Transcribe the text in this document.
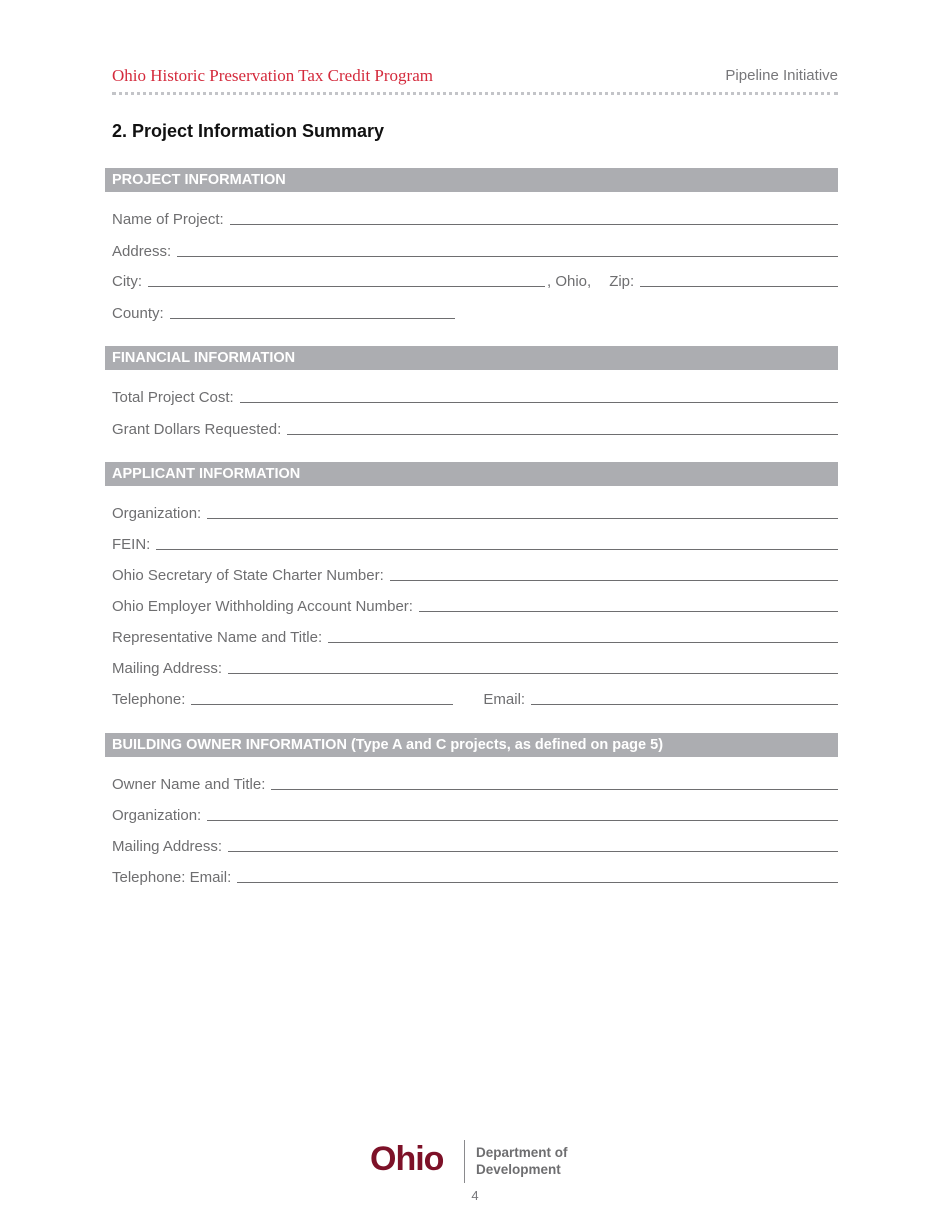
Ohio Historic Preservation Tax Credit Program	Pipeline Initiative
2. Project Information Summary
PROJECT INFORMATION
Name of Project:
Address:
City:	, Ohio, Zip:
County:
FINANCIAL INFORMATION
Total Project Cost:
Grant Dollars Requested:
APPLICANT INFORMATION
Organization:
FEIN:
Ohio Secretary of State Charter Number:
Ohio Employer Withholding Account Number:
Representative Name and Title:
Mailing Address:
Telephone:	Email:
BUILDING OWNER INFORMATION (Type A and C projects, as defined on page 5)
Owner Name and Title:
Organization:
Mailing Address:
Telephone: Email:
Ohio Department of
Development
4
